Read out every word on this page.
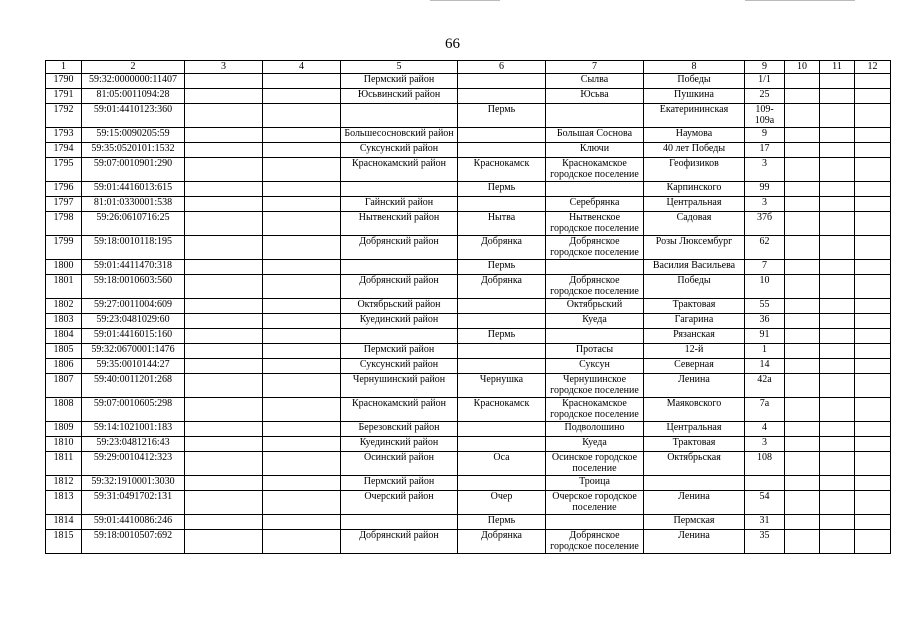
66
1	2	3	4	5	6	7	8	9	10	11	12
1790	59:32:0000000:11407			Пермский район		Сылва	Победы	1/1			
1791	81:05:0011094:28			Юсьвинский район		Юсьва	Пушкина	25			
1792	59:01:4410123:360				Пермь		Екатерининская	109-109а			
1793	59:15:0090205:59			Большесосновский район		Большая Соснова	Наумова	9			
1794	59:35:0520101:1532			Суксунский район		Ключи	40 лет Победы	17			
1795	59:07:0010901:290			Краснокамский район	Краснокамск	Краснокамское городское поселение	Геофизиков	3			
1796	59:01:4416013:615				Пермь		Карпинского	99			
1797	81:01:0330001:538			Гайнский район		Серебрянка	Центральная	3			
1798	59:26:0610716:25			Нытвенский район	Нытва	Нытвенское городское поселение	Садовая	37б			
1799	59:18:0010118:195			Добрянский район	Добрянка	Добрянское городское поселение	Розы Люксембург	62			
1800	59:01:4411470:318				Пермь		Василия Васильева	7			
1801	59:18:0010603:560			Добрянский район	Добрянка	Добрянское городское поселение	Победы	10			
1802	59:27:0011004:609			Октябрьский район		Октябрьский	Трактовая	55			
1803	59:23:0481029:60			Куединский район		Куеда	Гагарина	36			
1804	59:01:4416015:160				Пермь		Рязанская	91			
1805	59:32:0670001:1476			Пермский район		Протасы	12-й	1			
1806	59:35:0010144:27			Суксунский район		Суксун	Северная	14			
1807	59:40:0011201:268			Чернушинский район	Чернушка	Чернушинское городское поселение	Ленина	42а			
1808	59:07:0010605:298			Краснокамский район	Краснокамск	Краснокамское городское поселение	Маяковского	7а			
1809	59:14:1021001:183			Березовский район		Подволошино	Центральная	4			
1810	59:23:0481216:43			Куединский район		Куеда	Трактовая	3			
1811	59:29:0010412:323			Осинский район	Оса	Осинское городское поселение	Октябрьская	108			
1812	59:32:1910001:3030			Пермский район		Троица					
1813	59:31:0491702:131			Очерский район	Очер	Очерское городское поселение	Ленина	54			
1814	59:01:4410086:246				Пермь		Пермская	31			
1815	59:18:0010507:692			Добрянский район	Добрянка	Добрянское городское поселение	Ленина	35			
